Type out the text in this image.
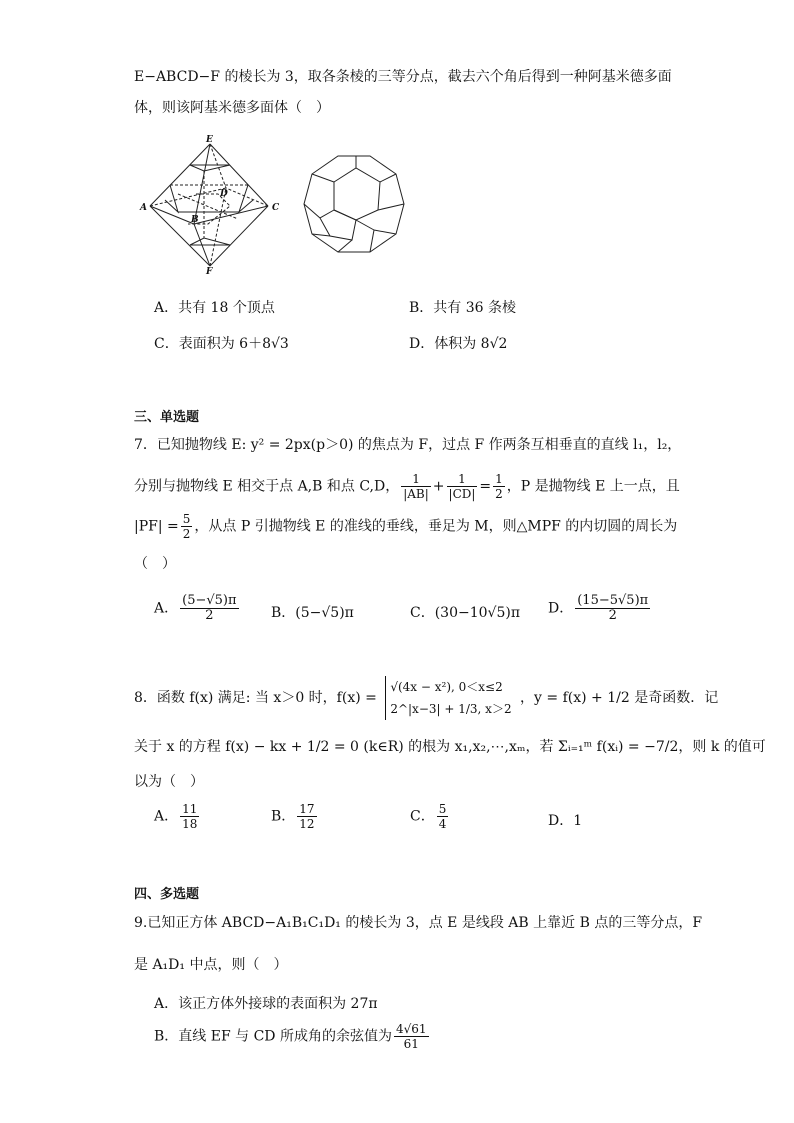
E−ABCD−F 的棱长为 3，取各条棱的三等分点，截去六个角后得到一种阿基米德多面
体，则该阿基米德多面体（　）
E
A
B
C
D
F
A．共有 18 个顶点	B．共有 36 条棱
C．表面积为 6＋8√3	D．体积为 8√2
三、单选题
7．已知抛物线 E: y² = 2px(p＞0) 的焦点为 F，过点 F 作两条互相垂直的直线 l₁，l₂，
分别与抛物线 E 相交于点 A,B 和点 C,D， $\frac{1}{|AB|} + \frac{1}{|CD|} = \frac{1}{2}$ ，P 是抛物线 E 上一点，且
$|PF| = \frac{5}{2}$ ，从点 P 引抛物线 E 的准线的垂线，垂足为 M，则△MPF 的内切圆的周长为
（　）
A． $\frac{(5-√5)\pi}{2}$ B．(5−√5)π	C．(30−10√5)π D． $\frac{(15-5√5)\pi}{2}$
8．函数 f(x) 满足: 当 x＞0 时，f(x) =
√(4x − x²), 0＜x≤2
2^|x−3| + 1/3, x＞2
，y = f(x) + 1/2 是奇函数．记
关于 x 的方程 f(x) − kx + 1/2 = 0 (k∈R) 的根为 x₁,x₂,⋯,xₘ，若 Σᵢ₌₁ᵐ f(xᵢ) = −7/2，则 k 的值可
以为（　）
A． $\frac{11}{18}$	B． $\frac{17}{12}$	C． $\frac{5}{4}$	D．1
四、多选题
9.已知正方体 ABCD−A₁B₁C₁D₁ 的棱长为 3，点 E 是线段 AB 上靠近 B 点的三等分点，F
是 A₁D₁ 中点，则（　）
A．该正方体外接球的表面积为 27π
B．直线 EF 与 CD 所成角的余弦值为 $\frac{4√61}{61}$
